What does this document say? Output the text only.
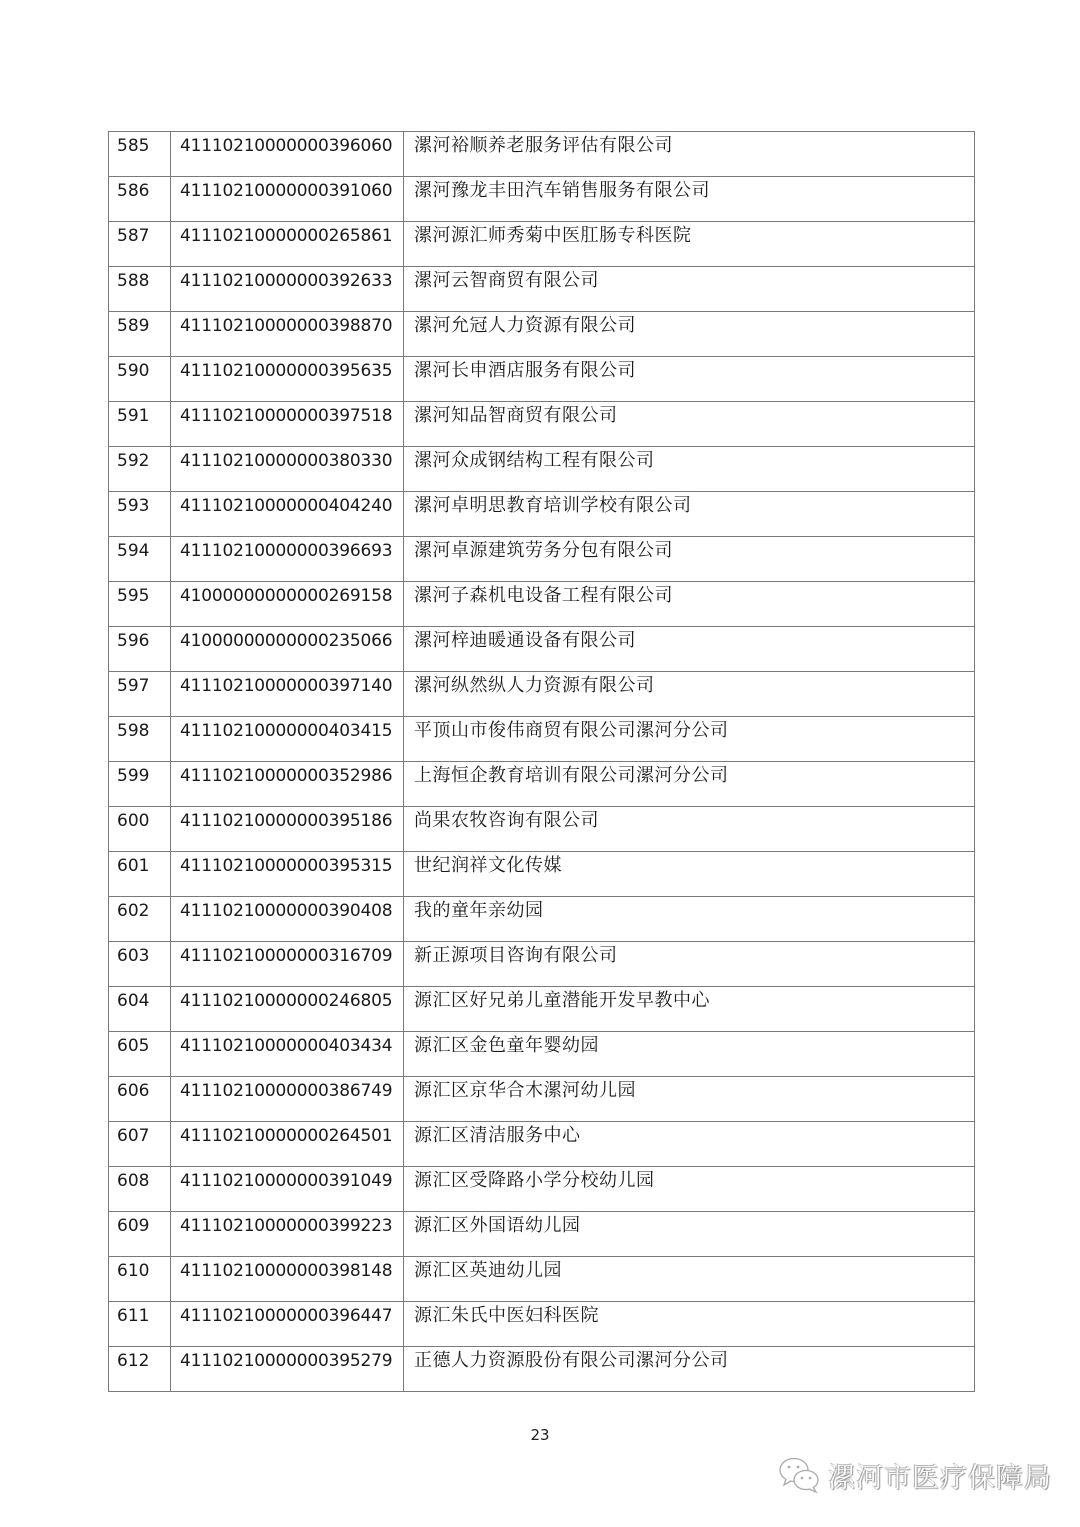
585	41110210000000396060	漯河裕顺养老服务评估有限公司

586	41110210000000391060	漯河豫龙丰田汽车销售服务有限公司

587	41110210000000265861	漯河源汇师秀菊中医肛肠专科医院

588	41110210000000392633	漯河云智商贸有限公司

589	41110210000000398870	漯河允冠人力资源有限公司

590	41110210000000395635	漯河长申酒店服务有限公司

591	41110210000000397518	漯河知品智商贸有限公司

592	41110210000000380330	漯河众成钢结构工程有限公司

593	41110210000000404240	漯河卓明思教育培训学校有限公司

594	41110210000000396693	漯河卓源建筑劳务分包有限公司

595	41000000000000269158	漯河子森机电设备工程有限公司

596	41000000000000235066	漯河梓迪暖通设备有限公司

597	41110210000000397140	漯河纵然纵人力资源有限公司

598	41110210000000403415	平顶山市俊伟商贸有限公司漯河分公司

599	41110210000000352986	上海恒企教育培训有限公司漯河分公司

600	41110210000000395186	尚果农牧咨询有限公司

601	41110210000000395315	世纪润祥文化传媒

602	41110210000000390408	我的童年亲幼园

603	41110210000000316709	新正源项目咨询有限公司

604	41110210000000246805	源汇区好兄弟儿童潜能开发早教中心

605	41110210000000403434	源汇区金色童年婴幼园

606	41110210000000386749	源汇区京华合木漯河幼儿园

607	41110210000000264501	源汇区清洁服务中心

608	41110210000000391049	源汇区受降路小学分校幼儿园

609	41110210000000399223	源汇区外国语幼儿园

610	41110210000000398148	源汇区英迪幼儿园

611	41110210000000396447	源汇朱氏中医妇科医院

612	41110210000000395279	正德人力资源股份有限公司漯河分公司
23
漯河市医疗保障局
